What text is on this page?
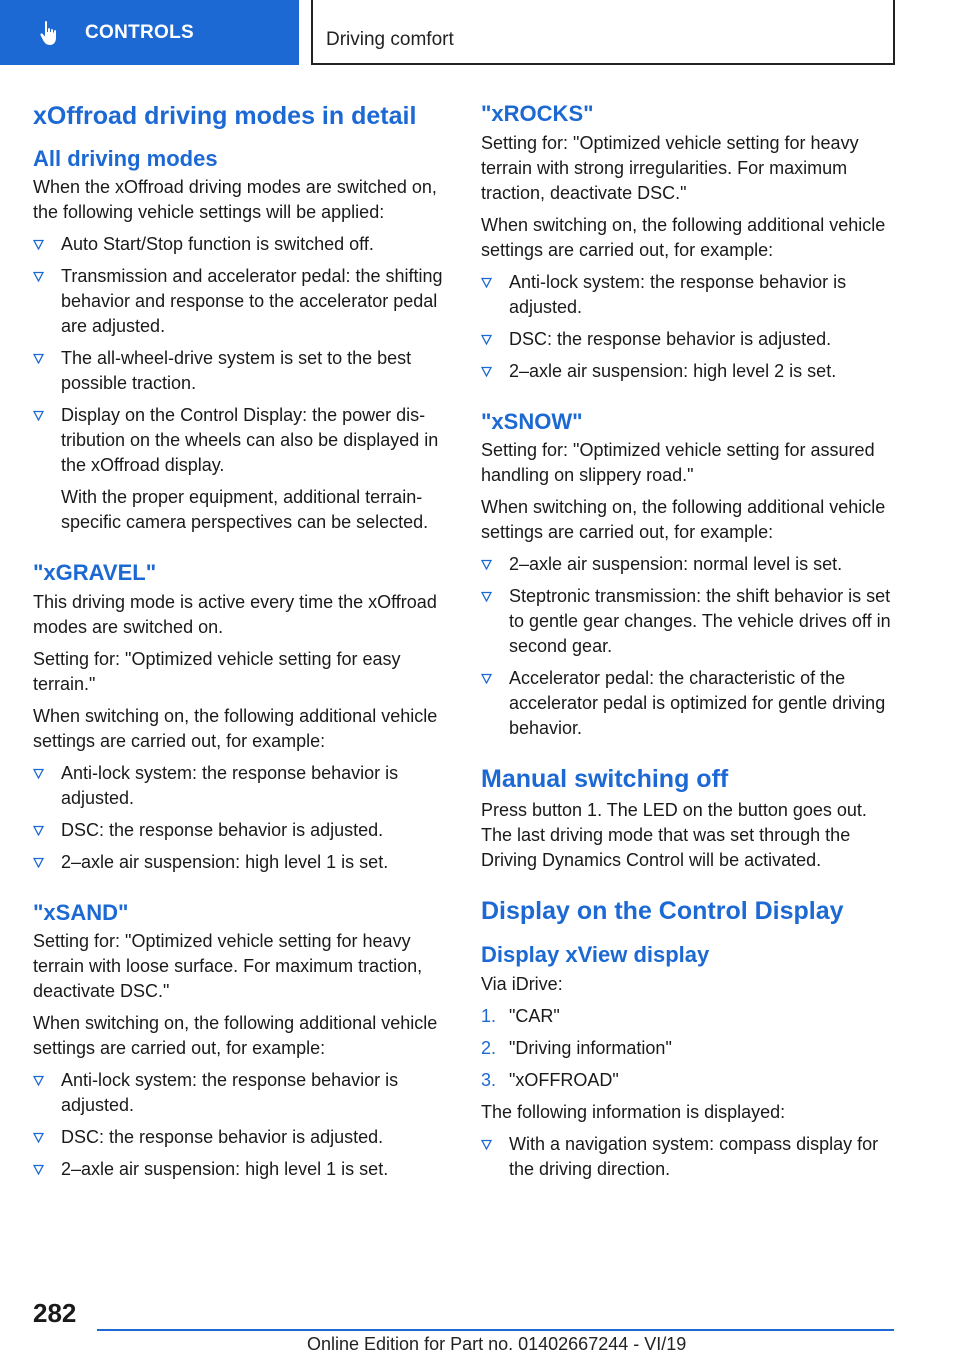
CONTROLS	Driving comfort
xOffroad driving modes in detail
All driving modes

When the xOffroad driving modes are switched on, the following vehicle settings will be applied:

Auto Start/Stop function is switched off.
Transmission and accelerator pedal: the shifting behavior and response to the accelerator pedal are adjusted.
The all-wheel-drive system is set to the best possible traction.
Display on the Control Display: the power distribution on the wheels can also be displayed in the xOffroad display.
With the proper equipment, additional terrain-specific camera perspectives can be selected.
"xGRAVEL"

This driving mode is active every time the xOffroad modes are switched on.

Setting for: "Optimized vehicle setting for easy terrain."

When switching on, the following additional vehicle settings are carried out, for example:

Anti-lock system: the response behavior is adjusted.
DSC: the response behavior is adjusted.
2–axle air suspension: high level 1 is set.
"xSAND"

Setting for: "Optimized vehicle setting for heavy terrain with loose surface. For maximum traction, deactivate DSC."

When switching on, the following additional vehicle settings are carried out, for example:

Anti-lock system: the response behavior is adjusted.
DSC: the response behavior is adjusted.
2–axle air suspension: high level 1 is set.
"xROCKS"

Setting for: "Optimized vehicle setting for heavy terrain with strong irregularities. For maximum traction, deactivate DSC."

When switching on, the following additional vehicle settings are carried out, for example:

Anti-lock system: the response behavior is adjusted.
DSC: the response behavior is adjusted.
2–axle air suspension: high level 2 is set.
"xSNOW"

Setting for: "Optimized vehicle setting for assured handling on slippery road."

When switching on, the following additional vehicle settings are carried out, for example:

2–axle air suspension: normal level is set.
Steptronic transmission: the shift behavior is set to gentle gear changes. The vehicle drives off in second gear.
Accelerator pedal: the characteristic of the accelerator pedal is optimized for gentle driving behavior.
Manual switching off

Press button 1. The LED on the button goes out. The last driving mode that was set through the Driving Dynamics Control will be activated.

Display on the Control Display
Display xView display

Via iDrive:

1. "CAR"
2. "Driving information"
3. "xOFFROAD"

The following information is displayed:

With a navigation system: compass display for the driving direction.
282
Online Edition for Part no. 01402667244 - VI/19
